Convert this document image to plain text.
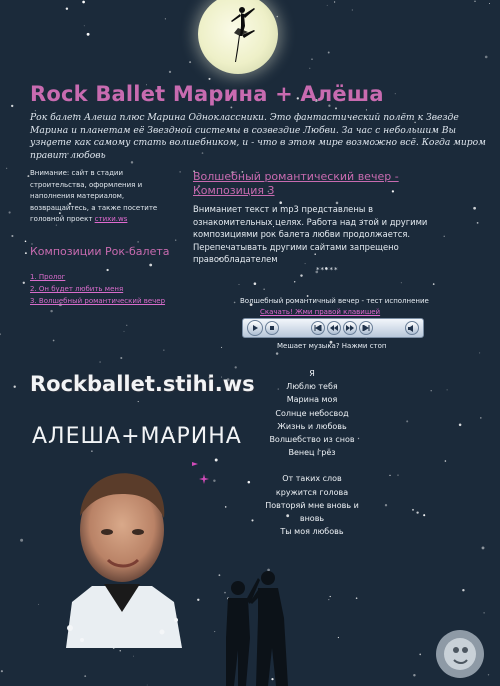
Rock Ballet Марина + Алёша

Рок балет Алеша плюс Марина Одноклассники. Это фантастический полёт к Звезде Марина и планетам её Звездной системы в созвездие Любви. За час с небольшим Вы узнаете как самому стать волшебником, и - что в этом мире возможно всё. Когда миром правит любовь

Внимание: сайт в стадии строительства, оформления и наполнения материалом, возвращайтесь, а также посетите головной проект стихи.ws
Композиции Рок-балета
1. Пролог
2. Он будет любить меня
3. Волшебный романтический вечер
Волшебный романтический вечер - Композиция 3
Вниманиет текст и mp3 представлены в ознакомительных целях. Работа над этой и другими композициями рок балета любви продолжается. Перепечатывать другими сайтами запрещено правообладателем
*****
Волшебный романтичный вечер - тест исполнение
Скачать! Жми правой клавишей
Мешает музыка? Нажми стоп
Я
Люблю тебя
Марина моя
Солнце небосвод
Жизнь и любовь
Волшебство из снов
Венец грёз
От таких слов
кружится голова
Повторяй мне вновь и вновь
Ты моя любовь
Rockballet.stihi.ws
АЛЕША+МАРИНА
